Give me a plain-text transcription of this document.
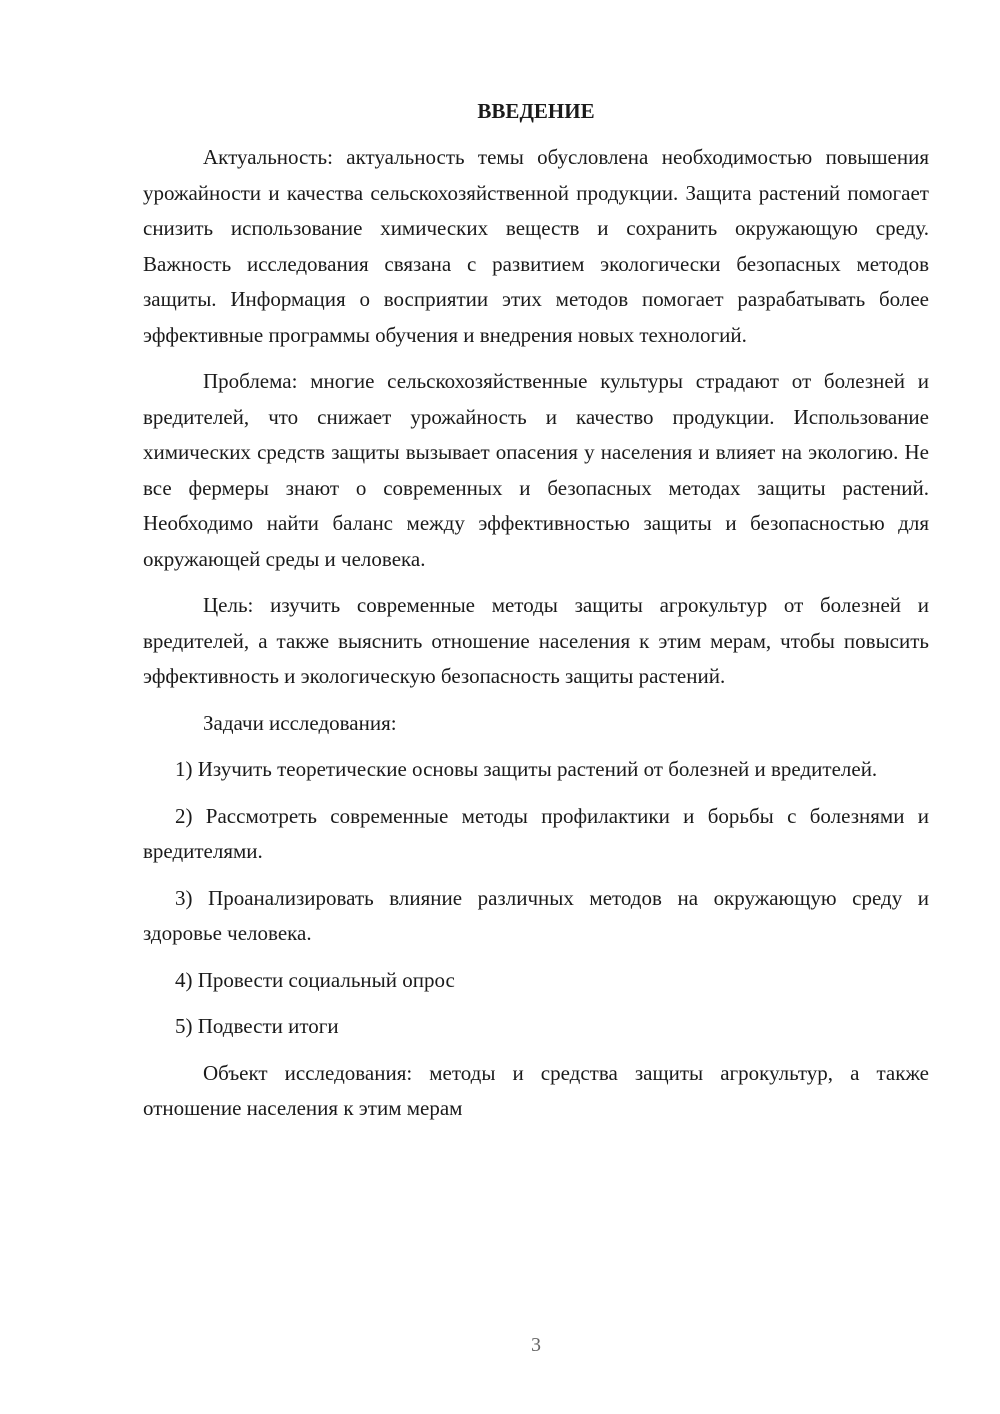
ВВЕДЕНИЕ

Актуальность: актуальность темы обусловлена необходимостью повышения урожайности и качества сельскохозяйственной продукции. Защита растений помогает снизить использование химических веществ и сохранить окружающую среду. Важность исследования связана с развитием экологически безопасных методов защиты. Информация о восприятии этих методов помогает разрабатывать более эффективные программы обучения и внедрения новых технологий.

Проблема: многие сельскохозяйственные культуры страдают от болезней и вредителей, что снижает урожайность и качество продукции. Использование химических средств защиты вызывает опасения у населения и влияет на экологию. Не все фермеры знают о современных и безопасных методах защиты растений. Необходимо найти баланс между эффективностью защиты и безопасностью для окружающей среды и человека.

Цель: изучить современные методы защиты агрокультур от болезней и вредителей, а также выяснить отношение населения к этим мерам, чтобы повысить эффективность и экологическую безопасность защиты растений.

Задачи исследования:

1) Изучить теоретические основы защиты растений от болезней и вредителей.

2) Рассмотреть современные методы профилактики и борьбы с болезнями и вредителями.

3) Проанализировать влияние различных методов на окружающую среду и здоровье человека.

4) Провести социальный опрос

5) Подвести итоги

Объект исследования: методы и средства защиты агрокультур, а также отношение населения к этим мерам

3
